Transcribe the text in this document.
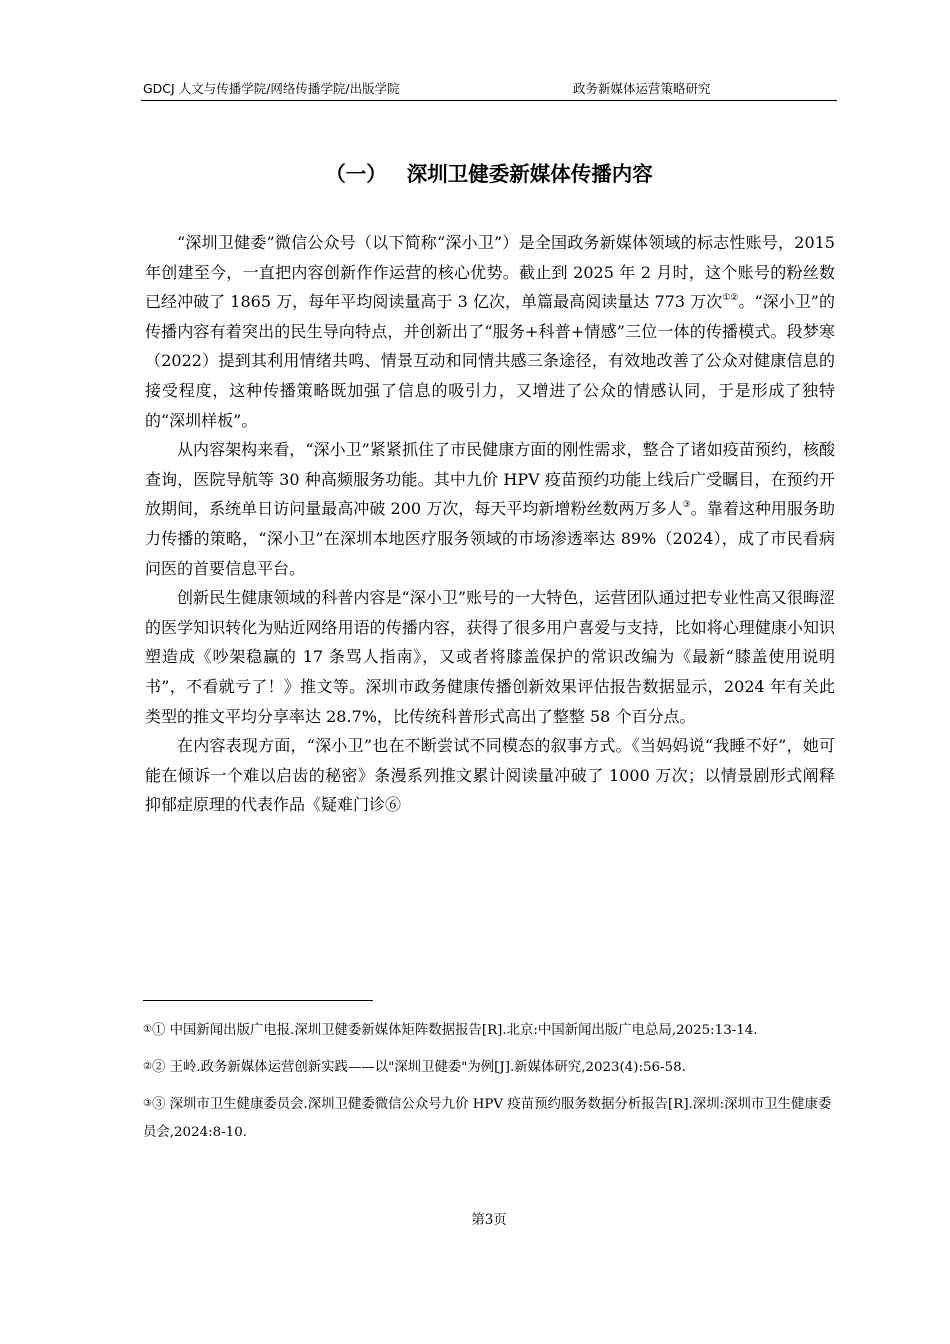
GDCJ 人文与传播学院/网络传播学院/出版学院	政务新媒体运营策略研究
（一） 深圳卫健委新媒体传播内容

“深圳卫健委”微信公众号（以下简称“深小卫”）是全国政务新媒体领域的标志性账号，2015 年创建至今，一直把内容创新作作运营的核心优势。截止到 2025 年 2 月时，这个账号的粉丝数已经冲破了 1865 万，每年平均阅读量高于 3 亿次，单篇最高阅读量达 773 万次①②。“深小卫”的传播内容有着突出的民生导向特点，并创新出了“服务+科普+情感”三位一体的传播模式。段梦寒（2022）提到其利用情绪共鸣、情景互动和同情共感三条途径，有效地改善了公众对健康信息的接受程度，这种传播策略既加强了信息的吸引力，又增进了公众的情感认同，于是形成了独特的“深圳样板”。

从内容架构来看，“深小卫”紧紧抓住了市民健康方面的刚性需求，整合了诸如疫苗预约，核酸查询，医院导航等 30 种高频服务功能。其中九价 HPV 疫苗预约功能上线后广受瞩目，在预约开放期间，系统单日访问量最高冲破 200 万次，每天平均新增粉丝数两万多人③。靠着这种用服务助力传播的策略，“深小卫”在深圳本地医疗服务领域的市场渗透率达 89%（2024），成了市民看病问医的首要信息平台。

创新民生健康领域的科普内容是“深小卫”账号的一大特色，运营团队通过把专业性高又很晦涩的医学知识转化为贴近网络用语的传播内容，获得了很多用户喜爱与支持，比如将心理健康小知识塑造成《吵架稳赢的 17 条骂人指南》，又或者将膝盖保护的常识改编为《最新“膝盖使用说明书”，不看就亏了！》推文等。深圳市政务健康传播创新效果评估报告数据显示，2024 年有关此类型的推文平均分享率达 28.7%，比传统科普形式高出了整整 58 个百分点。

在内容表现方面，“深小卫”也在不断尝试不同模态的叙事方式。《当妈妈说“我睡不好”，她可能在倾诉一个难以启齿的秘密》条漫系列推文累计阅读量冲破了 1000 万次；以情景剧形式阐释抑郁症原理的代表作品《疑难门诊⑥

①① 中国新闻出版广电报.深圳卫健委新媒体矩阵数据报告[R].北京:中国新闻出版广电总局,2025:13-14.

②② 王岭.政务新媒体运营创新实践——以"深圳卫健委"为例[J].新媒体研究,2023(4):56-58.

③③ 深圳市卫生健康委员会.深圳卫健委微信公众号九价 HPV 疫苗预约服务数据分析报告[R].深圳:深圳市卫生健康委员会,2024:8-10.

第3页
